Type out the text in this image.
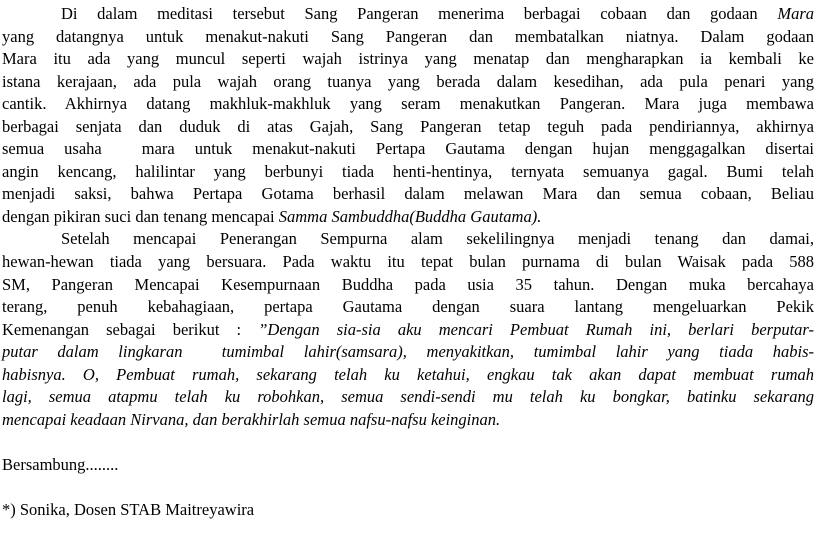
Di dalam meditasi tersebut Sang Pangeran menerima berbagai cobaan dan godaan Mara
yang datangnya untuk menakut-nakuti Sang Pangeran dan membatalkan niatnya. Dalam godaan
Mara itu ada yang muncul seperti wajah istrinya yang menatap dan mengharapkan ia kembali ke
istana kerajaan, ada pula wajah orang tuanya yang berada dalam kesedihan, ada pula penari yang
cantik. Akhirnya datang makhluk-makhluk yang seram menakutkan Pangeran. Mara juga membawa
berbagai senjata dan duduk di atas Gajah, Sang Pangeran tetap teguh pada pendiriannya, akhirnya
semua usaha  mara untuk menakut-nakuti Pertapa Gautama dengan hujan menggagalkan disertai
angin kencang, halilintar yang berbunyi tiada henti-hentinya, ternyata semuanya gagal. Bumi telah
menjadi saksi, bahwa Pertapa Gotama berhasil dalam melawan Mara dan semua cobaan, Beliau
dengan pikiran suci dan tenang mencapai Samma Sambuddha(Buddha Gautama).
Setelah mencapai Penerangan Sempurna alam sekelilingnya menjadi tenang dan damai,
hewan-hewan tiada yang bersuara. Pada waktu itu tepat bulan purnama di bulan Waisak pada 588
SM, Pangeran Mencapai Kesempurnaan Buddha pada usia 35 tahun. Dengan muka bercahaya
terang, penuh kebahagiaan, pertapa Gautama dengan suara lantang mengeluarkan Pekik
Kemenangan sebagai berikut : ”Dengan sia-sia aku mencari Pembuat Rumah ini, berlari berputar-
putar dalam lingkaran  tumimbal lahir(samsara), menyakitkan, tumimbal lahir yang tiada habis-
habisnya. O, Pembuat rumah, sekarang telah ku ketahui, engkau tak akan dapat membuat rumah
lagi, semua atapmu telah ku robohkan, semua sendi-sendi mu telah ku bongkar, batinku sekarang
mencapai keadaan Nirvana, dan berakhirlah semua nafsu-nafsu keinginan.
Bersambung........
*) Sonika, Dosen STAB Maitreyawira
